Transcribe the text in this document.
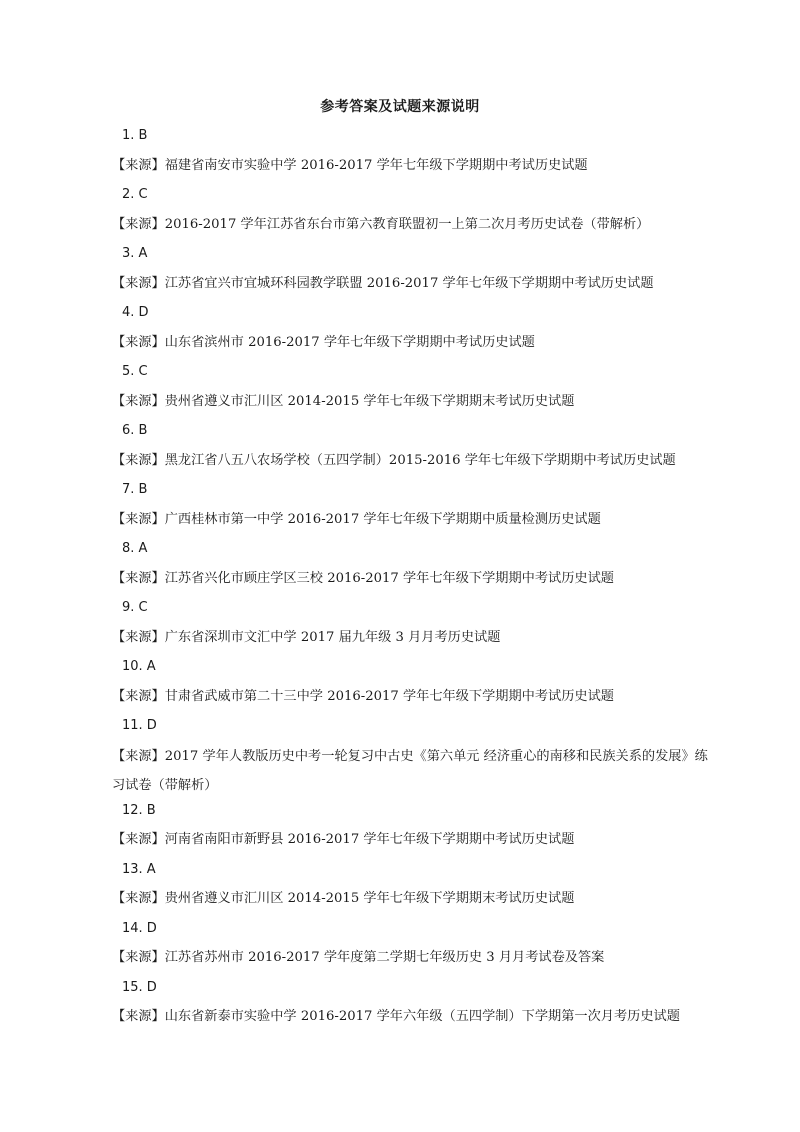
参考答案及试题来源说明
1. B
【来源】福建省南安市实验中学 2016-2017 学年七年级下学期期中考试历史试题
2. C
【来源】2016-2017 学年江苏省东台市第六教育联盟初一上第二次月考历史试卷（带解析）
3. A
【来源】江苏省宜兴市宜城环科园教学联盟 2016-2017 学年七年级下学期期中考试历史试题
4. D
【来源】山东省滨州市 2016-2017 学年七年级下学期期中考试历史试题
5. C
【来源】贵州省遵义市汇川区 2014-2015 学年七年级下学期期末考试历史试题
6. B
【来源】黑龙江省八五八农场学校（五四学制）2015-2016 学年七年级下学期期中考试历史试题
7. B
【来源】广西桂林市第一中学 2016-2017 学年七年级下学期期中质量检测历史试题
8. A
【来源】江苏省兴化市顾庄学区三校 2016-2017 学年七年级下学期期中考试历史试题
9. C
【来源】广东省深圳市文汇中学 2017 届九年级 3 月月考历史试题
10. A
【来源】甘肃省武威市第二十三中学 2016-2017 学年七年级下学期期中考试历史试题
11. D
【来源】2017 学年人教版历史中考一轮复习中古史《第六单元 经济重心的南移和民族关系的发展》练习试卷（带解析）
12. B
【来源】河南省南阳市新野县 2016-2017 学年七年级下学期期中考试历史试题
13. A
【来源】贵州省遵义市汇川区 2014-2015 学年七年级下学期期末考试历史试题
14. D
【来源】江苏省苏州市 2016-2017 学年度第二学期七年级历史 3 月月考试卷及答案
15. D
【来源】山东省新泰市实验中学 2016-2017 学年六年级（五四学制）下学期第一次月考历史试题
